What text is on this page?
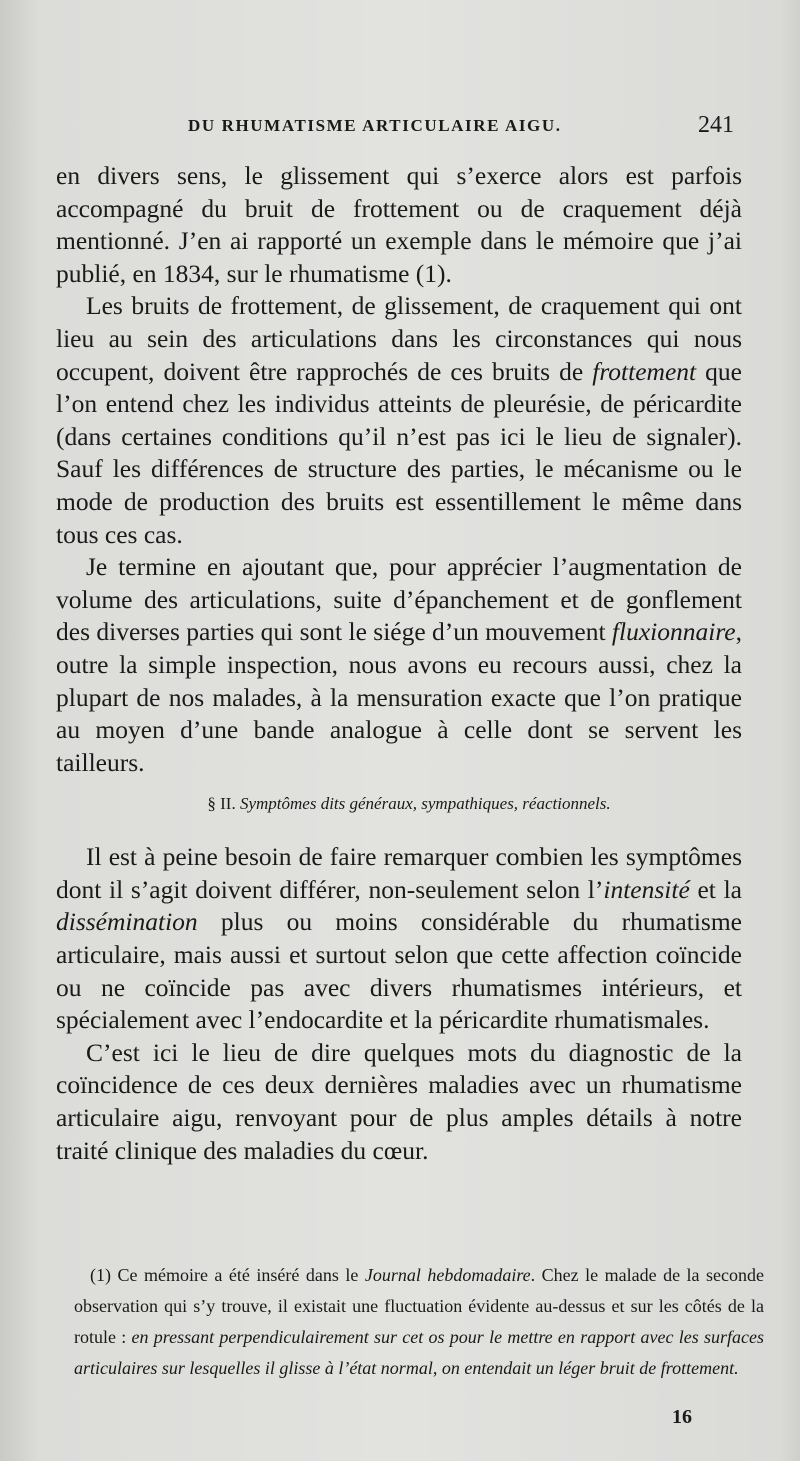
DU RHUMATISME ARTICULAIRE AIGU.	241

en divers sens, le glissement qui s’exerce alors est parfois accompagné du bruit de frottement ou de craquement déjà mentionné. J’en ai rapporté un exemple dans le mémoire que j’ai publié, en 1834, sur le rhumatisme (1).

Les bruits de frottement, de glissement, de craquement qui ont lieu au sein des articulations dans les circonstances qui nous occupent, doivent être rapprochés de ces bruits de frottement que l’on entend chez les individus atteints de pleurésie, de péricardite (dans certaines conditions qu’il n’est pas ici le lieu de signaler). Sauf les différences de structure des parties, le mécanisme ou le mode de production des bruits est essentillement le même dans tous ces cas.

Je termine en ajoutant que, pour apprécier l’augmentation de volume des articulations, suite d’épanchement et de gonflement des diverses parties qui sont le siége d’un mouvement fluxionnaire, outre la simple inspection, nous avons eu recours aussi, chez la plupart de nos malades, à la mensuration exacte que l’on pratique au moyen d’une bande analogue à celle dont se servent les tailleurs.

§ II. Symptômes dits généraux, sympathiques, réactionnels.

Il est à peine besoin de faire remarquer combien les symptômes dont il s’agit doivent différer, non-seulement selon l’intensité et la dissémination plus ou moins considérable du rhumatisme articulaire, mais aussi et surtout selon que cette affection coïncide ou ne coïncide pas avec divers rhumatismes intérieurs, et spécialement avec l’endocardite et la péricardite rhumatismales.

C’est ici le lieu de dire quelques mots du diagnostic de la coïncidence de ces deux dernières maladies avec un rhumatisme articulaire aigu, renvoyant pour de plus amples détails à notre traité clinique des maladies du cœur.

(1) Ce mémoire a été inséré dans le Journal hebdomadaire. Chez le malade de la seconde observation qui s’y trouve, il existait une fluctuation évidente au-dessus et sur les côtés de la rotule : en pressant perpendiculairement sur cet os pour le mettre en rapport avec les surfaces articulaires sur lesquelles il glisse à l’état normal, on entendait un léger bruit de frottement.

16
